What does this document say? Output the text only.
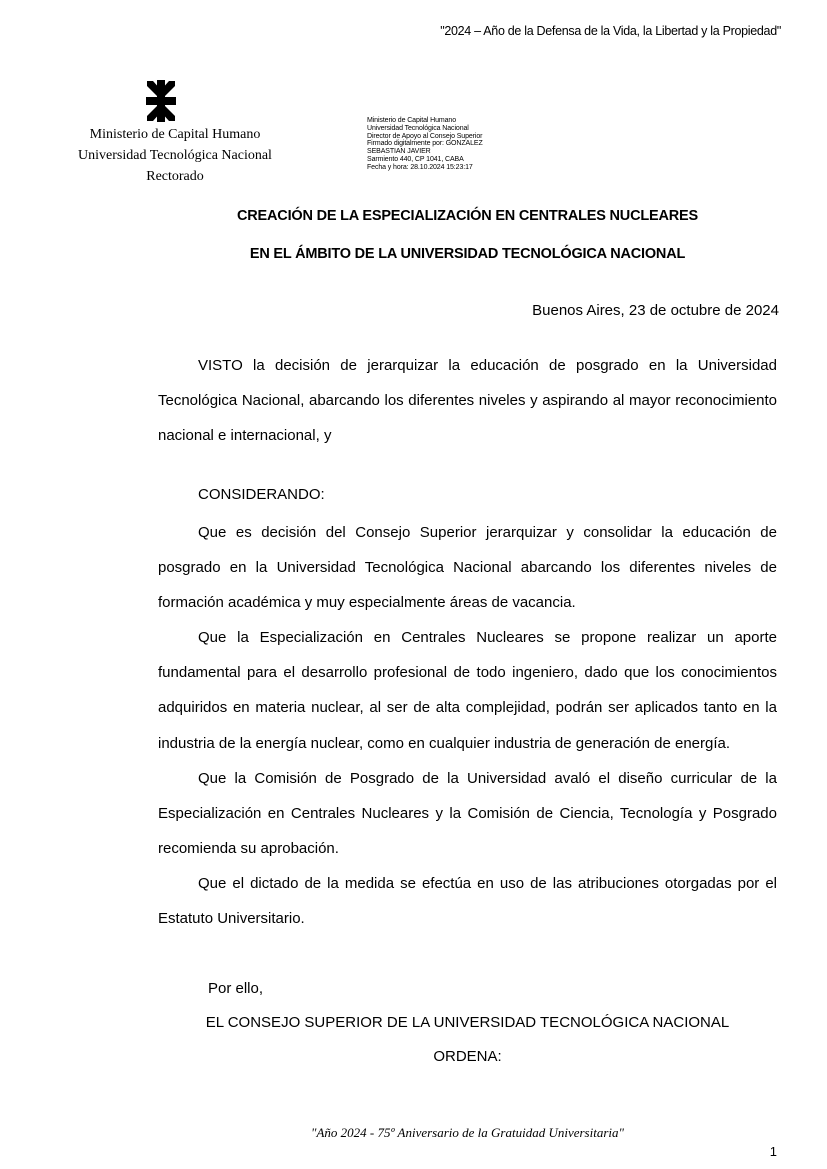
"2024 – Año de la Defensa de la Vida, la Libertad y la Propiedad"
Ministerio de Capital Humano
Universidad Tecnológica Nacional
Rectorado
Ministerio de Capital Humano
Universidad Tecnológica Nacional
Director de Apoyo al Consejo Superior
Firmado digitalmente por: GONZALEZ
SEBASTIAN JAVIER
Sarmiento 440, CP 1041, CABA
Fecha y hora: 28.10.2024 15:23:17
CREACIÓN DE LA ESPECIALIZACIÓN EN CENTRALES NUCLEARES
EN EL ÁMBITO DE LA UNIVERSIDAD TECNOLÓGICA NACIONAL
Buenos Aires, 23 de octubre de 2024
VISTO la decisión de jerarquizar la educación de posgrado en la Universidad Tecnológica Nacional, abarcando los diferentes niveles y aspirando al mayor reconocimiento nacional e internacional, y
CONSIDERANDO:
Que es decisión del Consejo Superior jerarquizar y consolidar la educación de posgrado en la Universidad Tecnológica Nacional abarcando los diferentes niveles de formación académica y muy especialmente áreas de vacancia.
Que la Especialización en Centrales Nucleares se propone realizar un aporte fundamental para el desarrollo profesional de todo ingeniero, dado que los conocimientos adquiridos en materia nuclear, al ser de alta complejidad, podrán ser aplicados tanto en la industria de la energía nuclear, como en cualquier industria de generación de energía.
Que la Comisión de Posgrado de la Universidad avaló el diseño curricular de la Especialización en Centrales Nucleares y la Comisión de Ciencia, Tecnología y Posgrado recomienda su aprobación.
Que el dictado de la medida se efectúa en uso de las atribuciones otorgadas por el Estatuto Universitario.
Por ello,
EL CONSEJO SUPERIOR DE LA UNIVERSIDAD TECNOLÓGICA NACIONAL
ORDENA:
"Año 2024 - 75º Aniversario de la Gratuidad Universitaria"
1
